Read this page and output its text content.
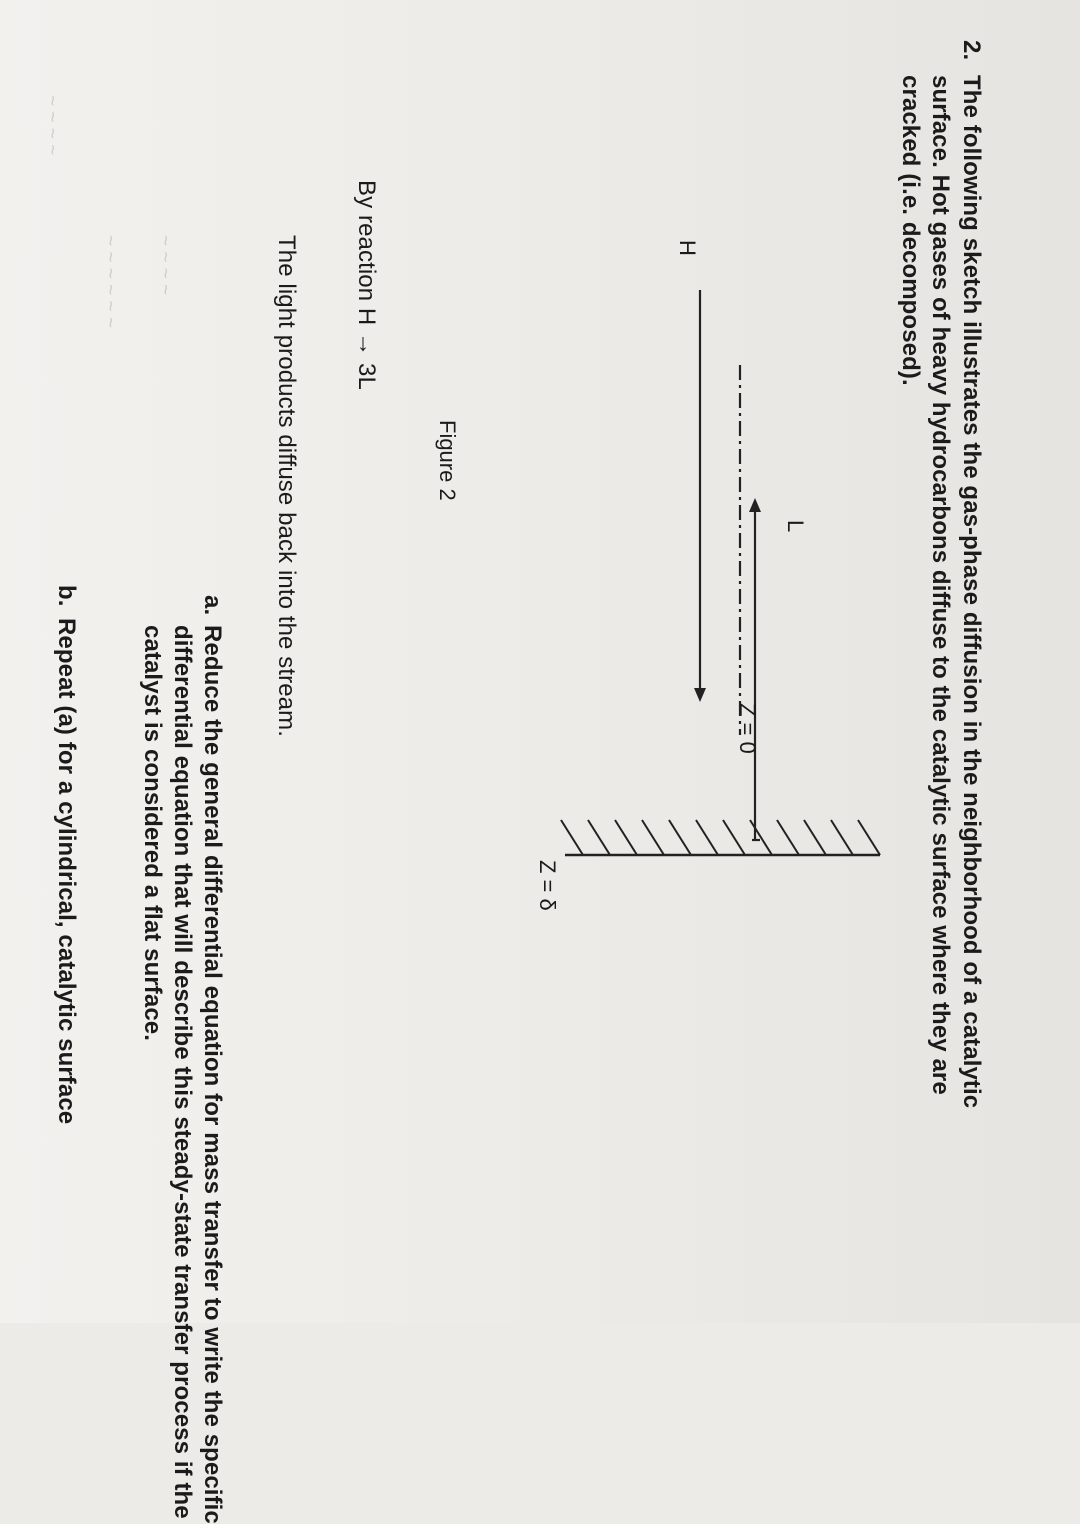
~ ~ ~ ~
~ ~ ~ ~ ~ ~ ~ ~ ~ ~
2.
The following sketch illustrates the gas-phase diffusion in the neighborhood of a catalytic
surface. Hot gases of heavy hydrocarbons diffuse to the catalytic surface where they are
cracked (i.e. decomposed).
H
L
Z = 0
Z = δ
Figure 2
By reaction H → 3L
The light products diffuse back into the stream.
a.
Reduce the general differential equation for mass transfer to write the specific
differential equation that will describe this steady-state transfer process if the
catalyst is considered a flat surface.
b.
Repeat (a) for a cylindrical, catalytic surface
